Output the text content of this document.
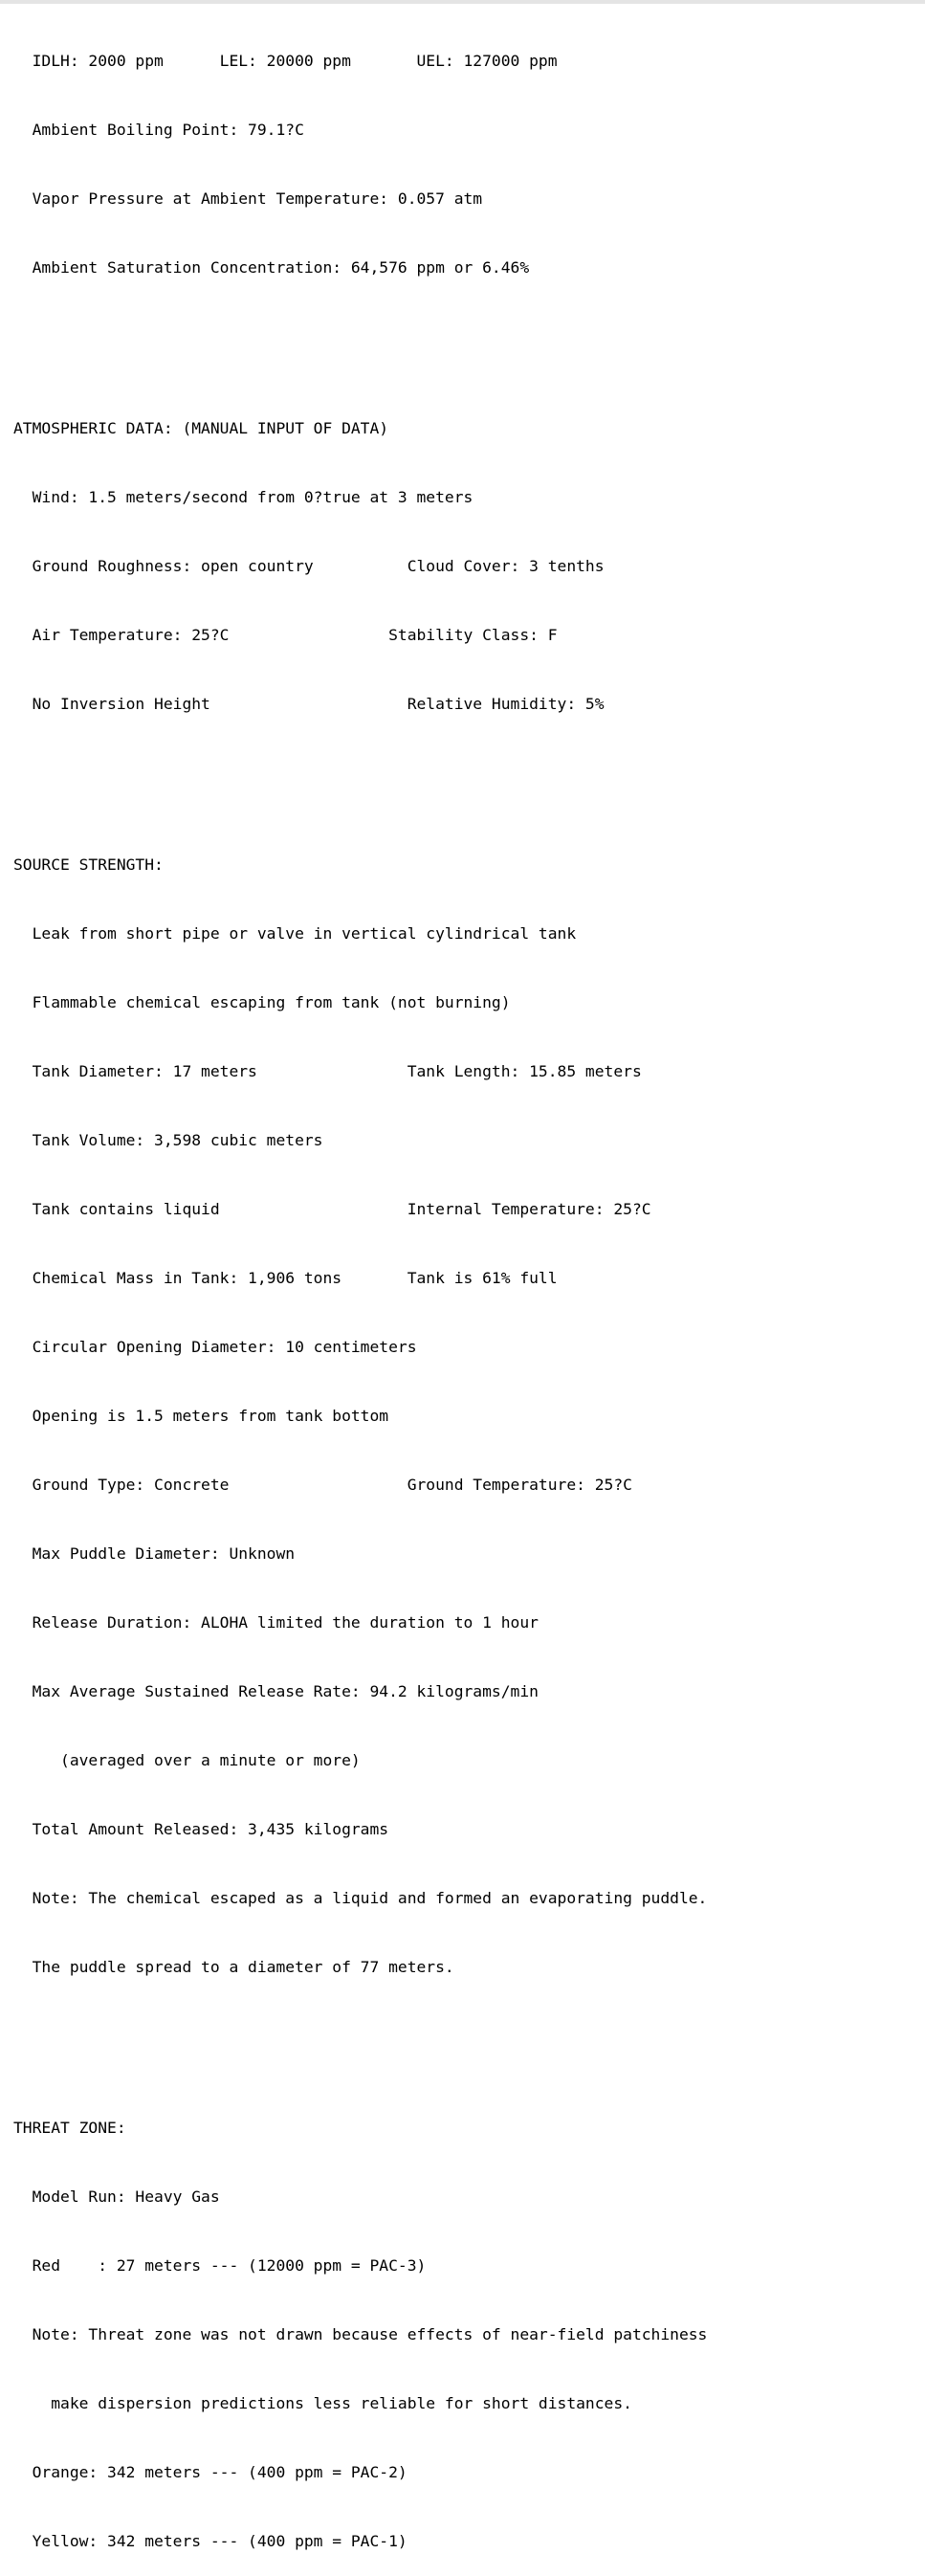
IDLH: 2000 ppm      LEL: 20000 ppm       UEL: 127000 ppm

Ambient Boiling Point: 79.1?C

Vapor Pressure at Ambient Temperature: 0.057 atm

Ambient Saturation Concentration: 64,576 ppm or 6.46%

ATMOSPHERIC DATA: (MANUAL INPUT OF DATA)

Wind: 1.5 meters/second from 0?true at 3 meters

Ground Roughness: open country          Cloud Cover: 3 tenths

Air Temperature: 25?C                 Stability Class: F

No Inversion Height                     Relative Humidity: 5%

SOURCE STRENGTH:

Leak from short pipe or valve in vertical cylindrical tank

Flammable chemical escaping from tank (not burning)

Tank Diameter: 17 meters                Tank Length: 15.85 meters

Tank Volume: 3,598 cubic meters

Tank contains liquid                    Internal Temperature: 25?C

Chemical Mass in Tank: 1,906 tons       Tank is 61% full

Circular Opening Diameter: 10 centimeters

Opening is 1.5 meters from tank bottom

Ground Type: Concrete                   Ground Temperature: 25?C

Max Puddle Diameter: Unknown

Release Duration: ALOHA limited the duration to 1 hour

Max Average Sustained Release Rate: 94.2 kilograms/min

(averaged over a minute or more)

Total Amount Released: 3,435 kilograms

Note: The chemical escaped as a liquid and formed an evaporating puddle.

The puddle spread to a diameter of 77 meters.

THREAT ZONE:

Model Run: Heavy Gas

Red    : 27 meters --- (12000 ppm = PAC-3)

Note: Threat zone was not drawn because effects of near-field patchiness

make dispersion predictions less reliable for short distances.

Orange: 342 meters --- (400 ppm = PAC-2)

Yellow: 342 meters --- (400 ppm = PAC-1)
